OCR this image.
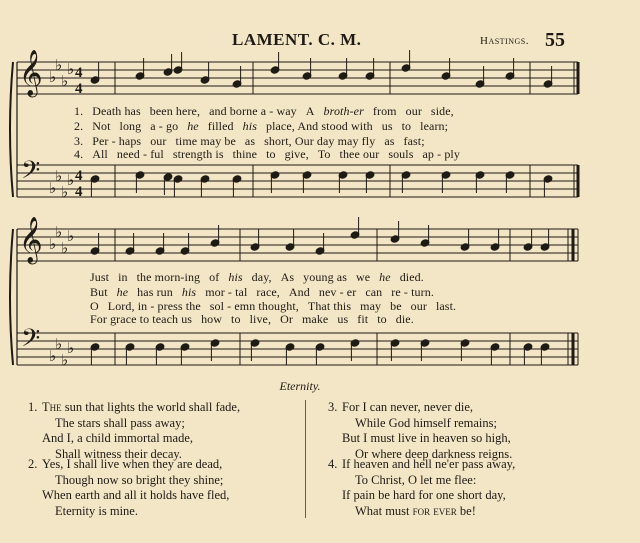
LAMENT. C. M.	Hastings. 55
𝄞
𝄢
♭
♭
♭
♭
♭
♭
♭
♭
4
4
4
4
𝄞
𝄢
♭
♭
♭
♭
♭
♭
♭
♭
1. Death has been here, and borne a - way A broth-er from our side,
2. Not long a - go he filled his place, And stood with us to learn;
3. Per - haps our time may be as short, Our day may fly as fast;
4. All need - ful strength is thine to give, To thee our souls ap - ply
Just in the morn-ing of his day, As young as we he died.
But he has run his mor - tal race, And nev - er can re - turn.
O Lord, in - press the sol - emn thought, That this may be our last.
For grace to teach us how to live, Or make us fit to die.
Eternity.
1. The sun that lights the world shall fade,
The stars shall pass away;
And I, a child immortal made,
Shall witness their decay.
2. Yes, I shall live when they are dead,
Though now so bright they shine;
When earth and all it holds have fled,
Eternity is mine.
3. For I can never, never die,
While God himself remains;
But I must live in heaven so high,
Or where deep darkness reigns.
4. If heaven and hell ne'er pass away,
To Christ, O let me flee:
If pain be hard for one short day,
What must for ever be!
